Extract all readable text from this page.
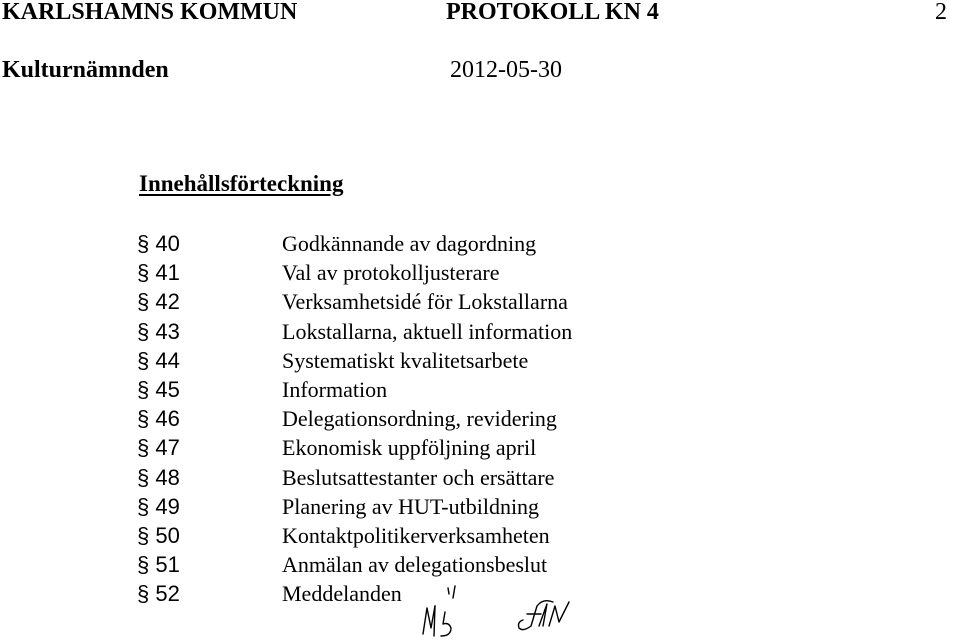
KARLSHAMNS KOMMUN	PROTOKOLL KN 4	2
Kulturnämnden	2012-05-30
Innehållsförteckning
§ 40	Godkännande av dagordning
§ 41	Val av protokolljusterare
§ 42	Verksamhetsidé för Lokstallarna
§ 43	Lokstallarna, aktuell information
§ 44	Systematiskt kvalitetsarbete
§ 45	Information
§ 46	Delegationsordning, revidering
§ 47	Ekonomisk uppföljning april
§ 48	Beslutsattestanter och ersättare
§ 49	Planering av HUT-utbildning
§ 50	Kontaktpolitikerverksamheten
§ 51	Anmälan av delegationsbeslut
§ 52	Meddelanden
